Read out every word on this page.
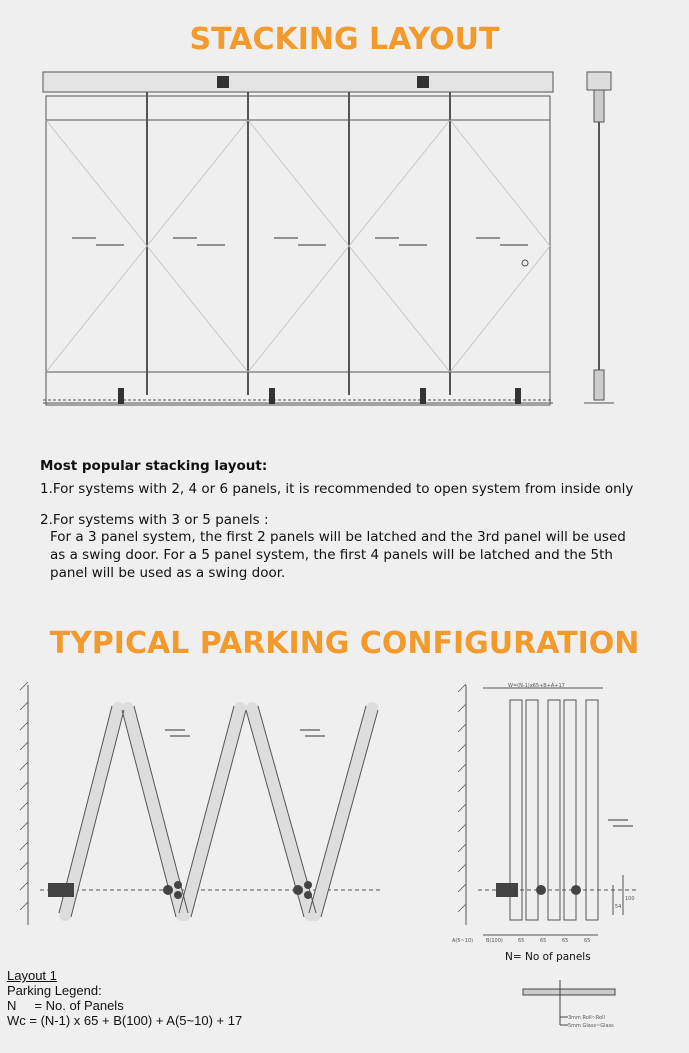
STACKING LAYOUT
Most popular stacking layout:
1.For systems with 2, 4 or 6 panels, it is recommended to open system from inside only
2.For systems with 3 or 5 panels :
For a 3 panel system, the first 2 panels will be latched and the 3rd panel will be used
as a swing door. For a 5 panel system, the first 4 panels will be latched and the 5th
panel will be used as a swing door.
TYPICAL PARKING CONFIGURATION
W=(N-1)x65+B+A+17
A(5~10)	B(100)	65	65	65	65
54
100
N= No of panels
3mm Roll~Roll
5mm Glass~Glass
Layout 1
Parking Legend:
N     = No. of Panels
Wc = (N-1) x 65 + B(100) + A(5~10) + 17
